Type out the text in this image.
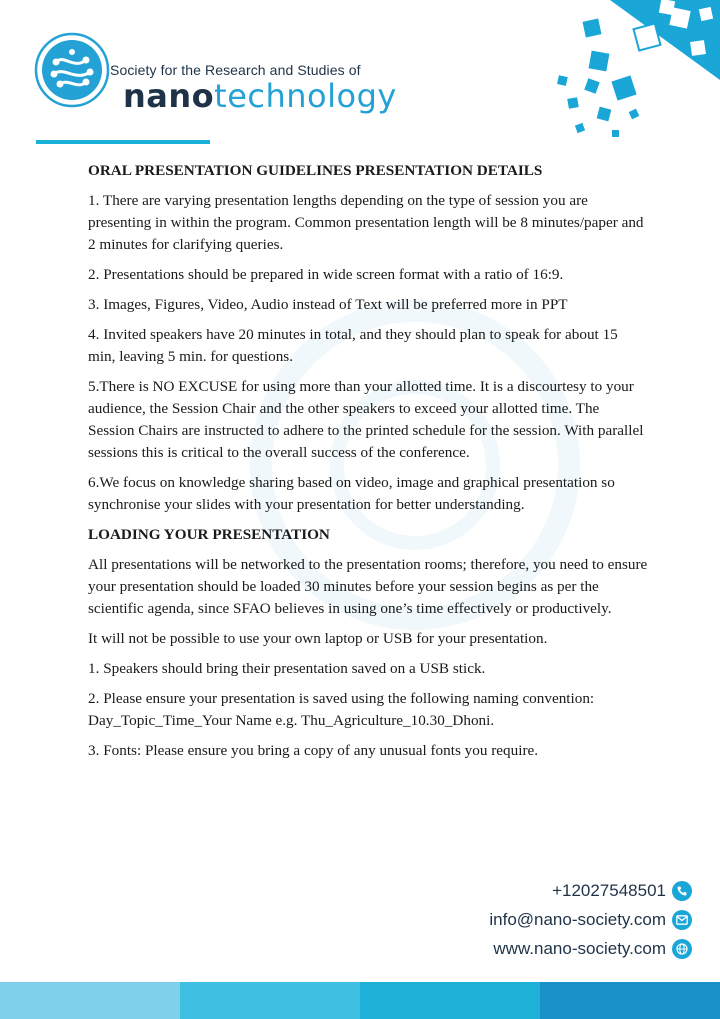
Society for the Research and Studies of
nanotechnology
ORAL PRESENTATION GUIDELINES PRESENTATION DETAILS

1. There are varying presentation lengths depending on the type of session you are presenting in within the program. Common presentation length will be 8 minutes/paper and 2 minutes for clarifying queries.

2. Presentations should be prepared in wide screen format with a ratio of 16:9.

3. Images, Figures, Video, Audio instead of Text will be preferred more in PPT

4. Invited speakers have 20 minutes in total, and they should plan to speak for about 15 min, leaving 5 min. for questions.

5.There is NO EXCUSE for using more than your allotted time. It is a discourtesy to your audience, the Session Chair and the other speakers to exceed your allotted time. The Session Chairs are instructed to adhere to the printed schedule for the session. With parallel sessions this is critical to the overall success of the conference.

6.We focus on knowledge sharing based on video, image and graphical presentation so synchronise your slides with your presentation for better understanding.

LOADING YOUR PRESENTATION

All presentations will be networked to the presentation rooms; therefore, you need to ensure your presentation should be loaded 30 minutes before your session begins as per the scientific agenda, since SFAO believes in using one’s time effectively or productively.

It will not be possible to use your own laptop or USB for your presentation.

1. Speakers should bring their presentation saved on a USB stick.

2. Please ensure your presentation is saved using the following naming convention: Day_Topic_Time_Your Name e.g. Thu_Agriculture_10.30_Dhoni.

3. Fonts: Please ensure you bring a copy of any unusual fonts you require.

+12027548501
info@nano-society.com
www.nano-society.com
